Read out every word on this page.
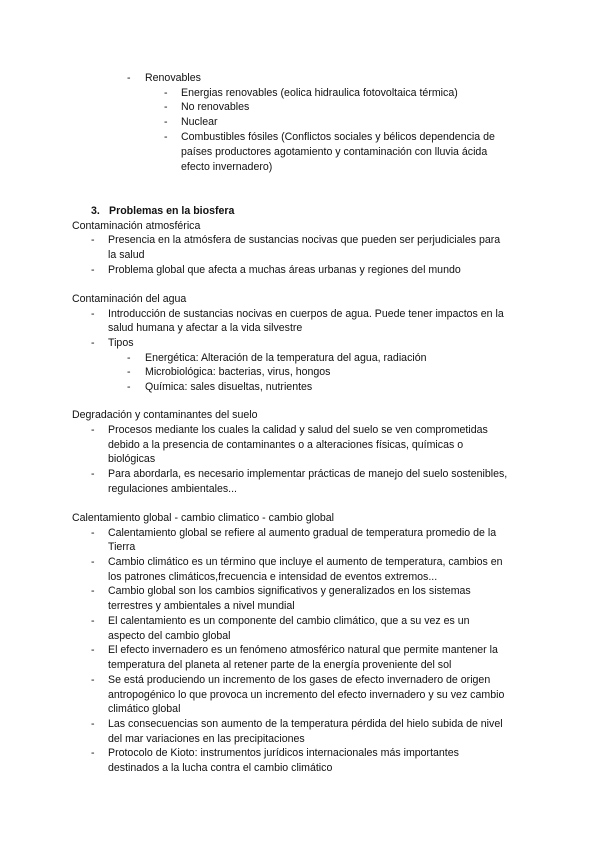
- Renovables
- Energias renovables (eolica hidraulica fotovoltaica térmica)
- No renovables
- Nuclear
- Combustibles fósiles (Conflictos sociales y bélicos dependencia de
países productores agotamiento y contaminación con lluvia ácida
efecto invernadero)
3. Problemas en la biosfera
Contaminación atmosférica
- Presencia en la atmósfera de sustancias nocivas que pueden ser perjudiciales para
la salud
- Problema global que afecta a muchas áreas urbanas y regiones del mundo
Contaminación del agua
- Introducción de sustancias nocivas en cuerpos de agua. Puede tener impactos en la
salud humana y afectar a la vida silvestre
- Tipos
- Energética: Alteración de la temperatura del agua, radiación
- Microbiológica: bacterias, virus, hongos
- Química: sales disueltas, nutrientes
Degradación y contaminantes del suelo
- Procesos mediante los cuales la calidad y salud del suelo se ven comprometidas
debido a la presencia de contaminantes o a alteraciones físicas, químicas o
biológicas
- Para abordarla, es necesario implementar prácticas de manejo del suelo sostenibles,
regulaciones ambientales...
Calentamiento global - cambio climatico - cambio global
- Calentamiento global se refiere al aumento gradual de temperatura promedio de la
Tierra
- Cambio climático es un término que incluye el aumento de temperatura, cambios en
los patrones climáticos,frecuencia e intensidad de eventos extremos...
- Cambio global son los cambios significativos y generalizados en los sistemas
terrestres y ambientales a nivel mundial
- El calentamiento es un componente del cambio climático, que a su vez es un
aspecto del cambio global
- El efecto invernadero es un fenómeno atmosférico natural que permite mantener la
temperatura del planeta al retener parte de la energía proveniente del sol
- Se está produciendo un incremento de los gases de efecto invernadero de origen
antropogénico lo que provoca un incremento del efecto invernadero y su vez cambio
climático global
- Las consecuencias son aumento de la temperatura pérdida del hielo subida de nivel
del mar variaciones en las precipitaciones
- Protocolo de Kioto: instrumentos jurídicos internacionales más importantes
destinados a la lucha contra el cambio climático
